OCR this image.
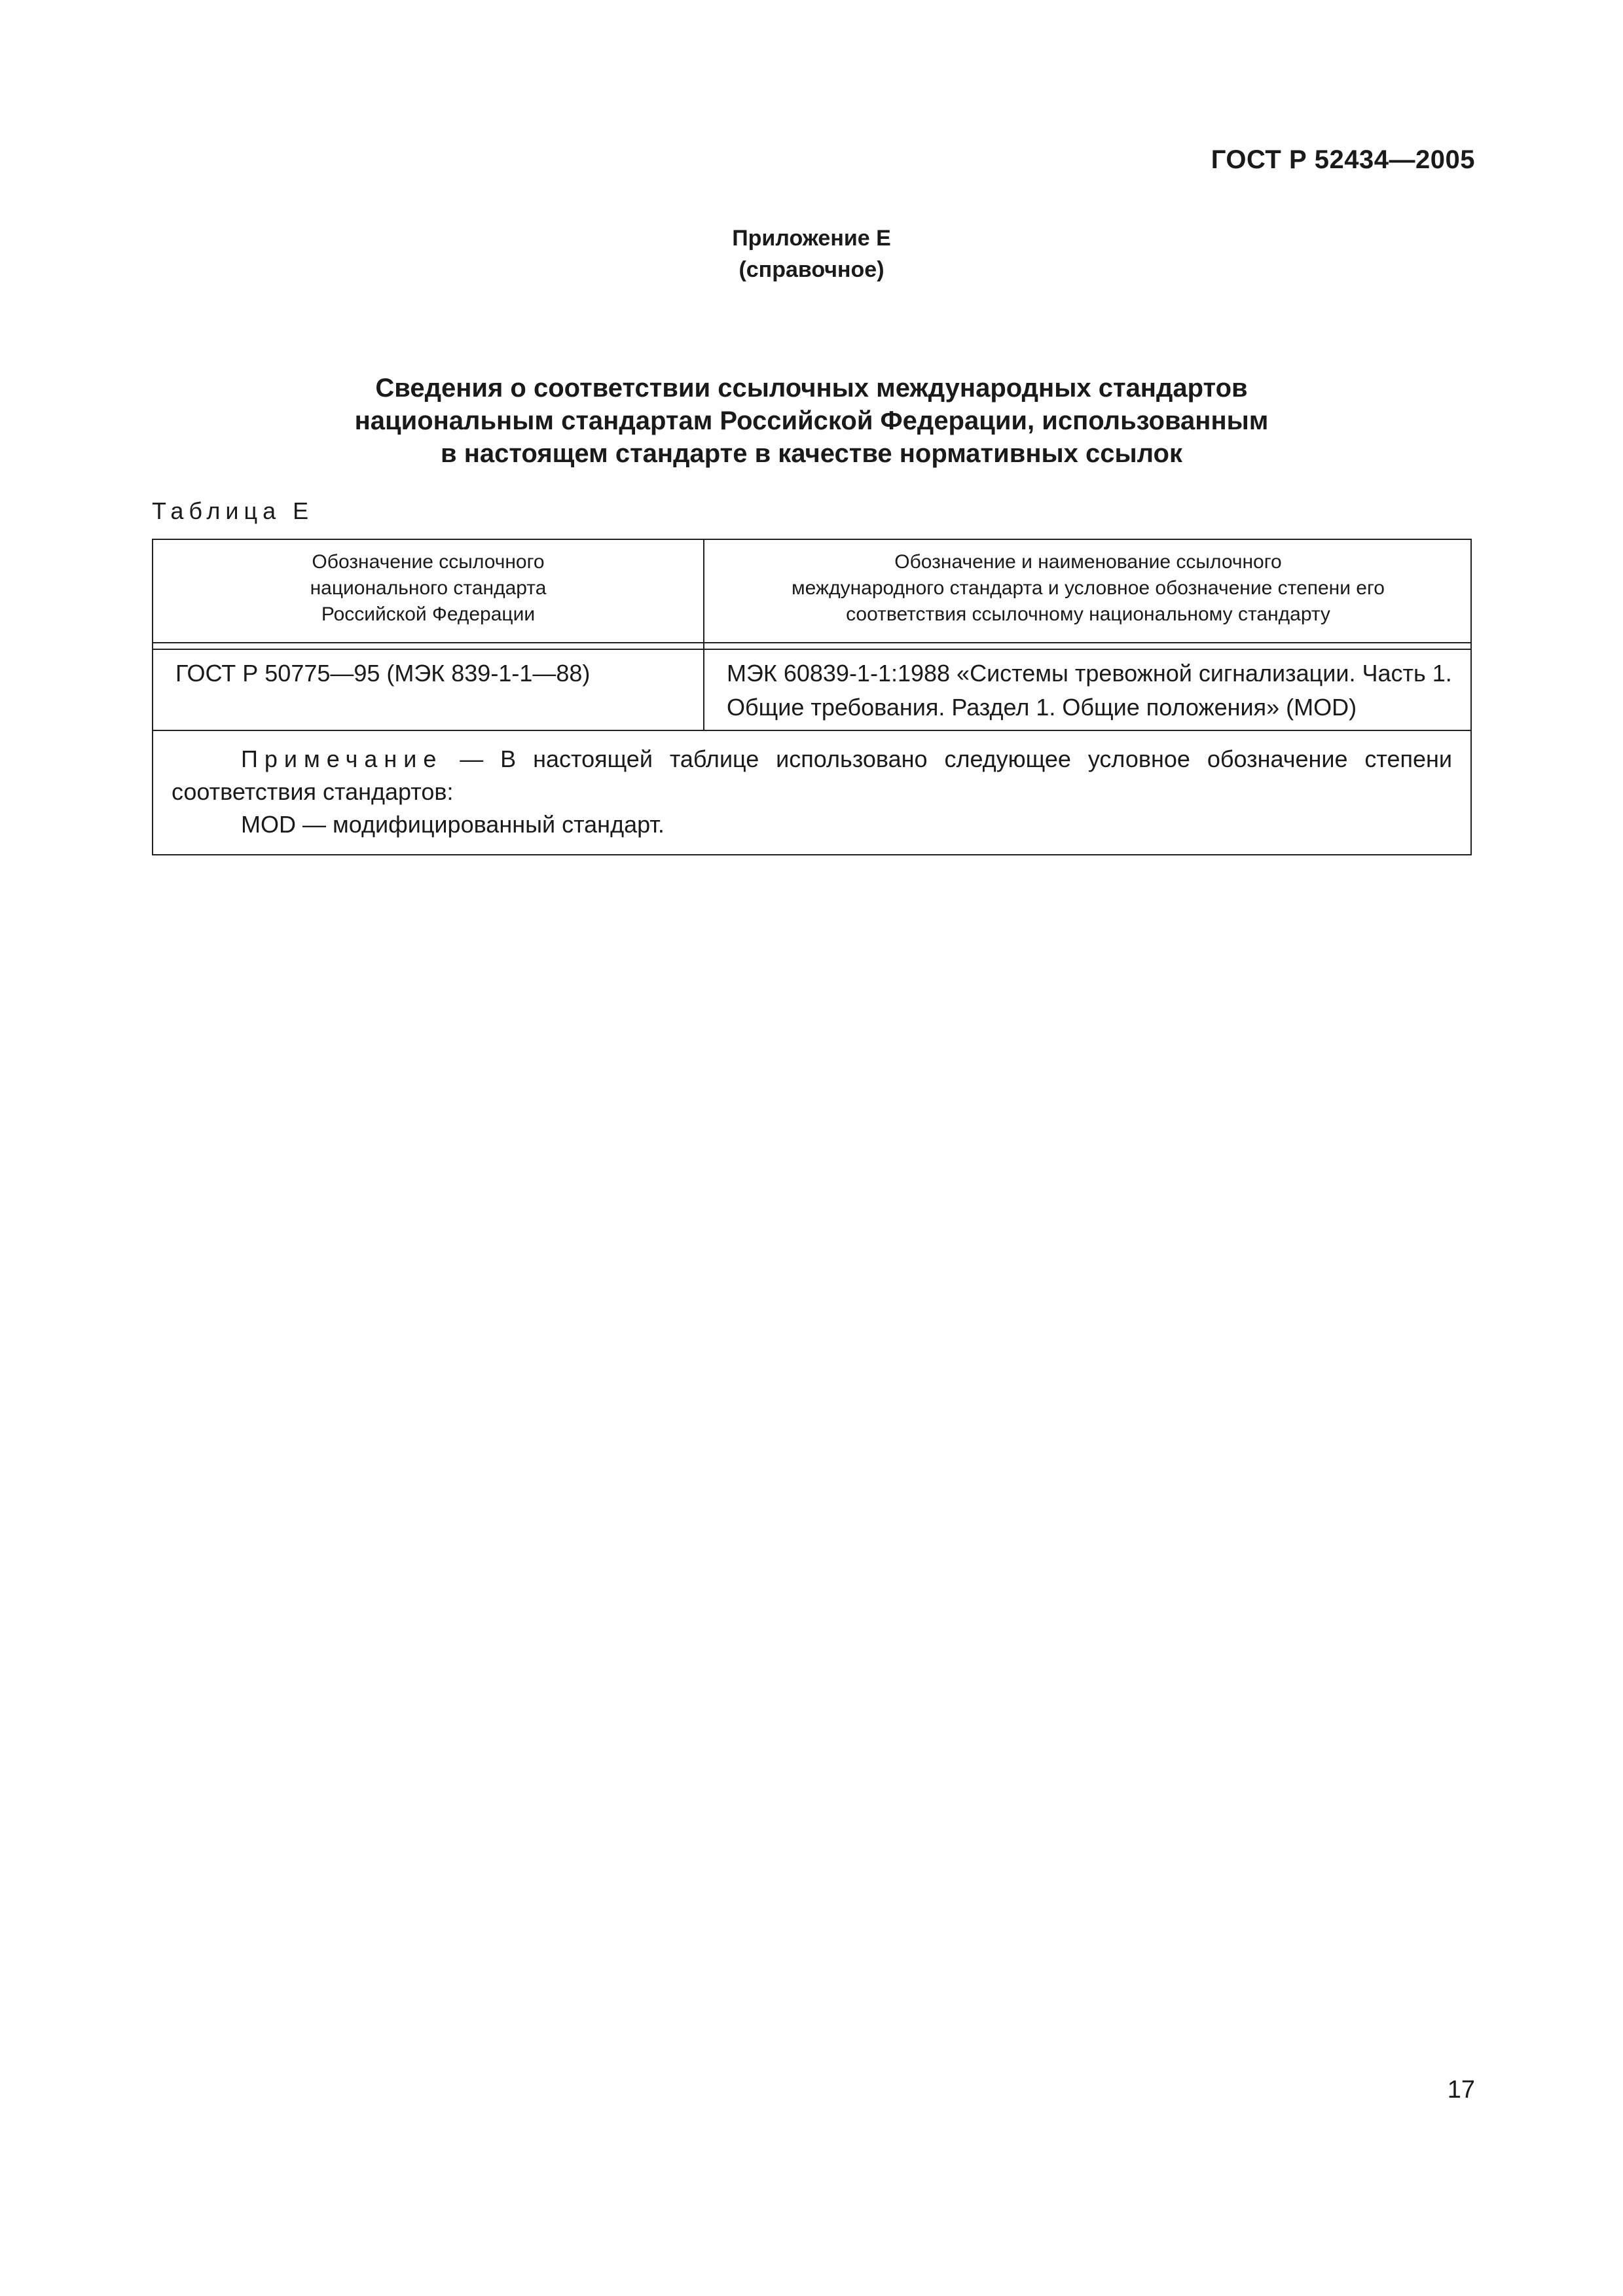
ГОСТ Р 52434—2005
Приложение Е
(справочное)
Сведения о соответствии ссылочных международных стандартов
национальным стандартам Российской Федерации, использованным
в настоящем стандарте в качестве нормативных ссылок
Таблица Е
Обозначение ссылочного
национального стандарта
Российской Федерации
Обозначение и наименование ссылочного
международного стандарта и условное обозначение степени его
соответствия ссылочному национальному стандарту
ГОСТ Р 50775—95 (МЭК 839-1-1—88)	МЭК 60839-1-1:1988 «Системы тревожной сигнализации. Часть 1.
Общие требования. Раздел 1. Общие положения» (MOD)
Примечание — В настоящей таблице использовано следующее условное обозначение степени
соответствия стандартов:
MOD — модифицированный стандарт.
17
